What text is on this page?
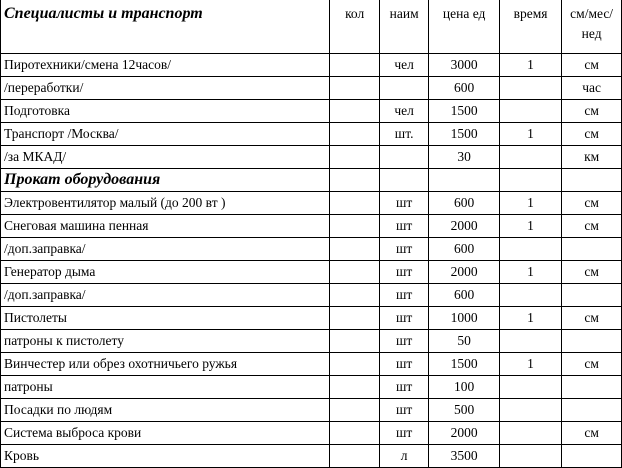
Специалисты и транспорт	кол	наим	цена ед	время	см/мес/
нед

Пиротехники/смена 12часов/		чел	3000	1	см
/переработки/			600		час
Подготовка		чел	1500		см
Транспорт /Москва/		шт.	1500	1	см
/за МКАД/			30		км
Прокат оборудования					
Электровентилятор малый (до 200 вт )		шт	600	1	см
Снеговая машина пенная		шт	2000	1	см
/доп.заправка/		шт	600		
Генератор дыма		шт	2000	1	см
/доп.заправка/		шт	600		
Пистолеты		шт	1000	1	см
патроны к пистолету		шт	50		
Винчестер или обрез охотничьего ружья		шт	1500	1	см
патроны		шт	100		
Посадки по людям		шт	500		
Система выброса крови		шт	2000		см
Кровь		л	3500		
